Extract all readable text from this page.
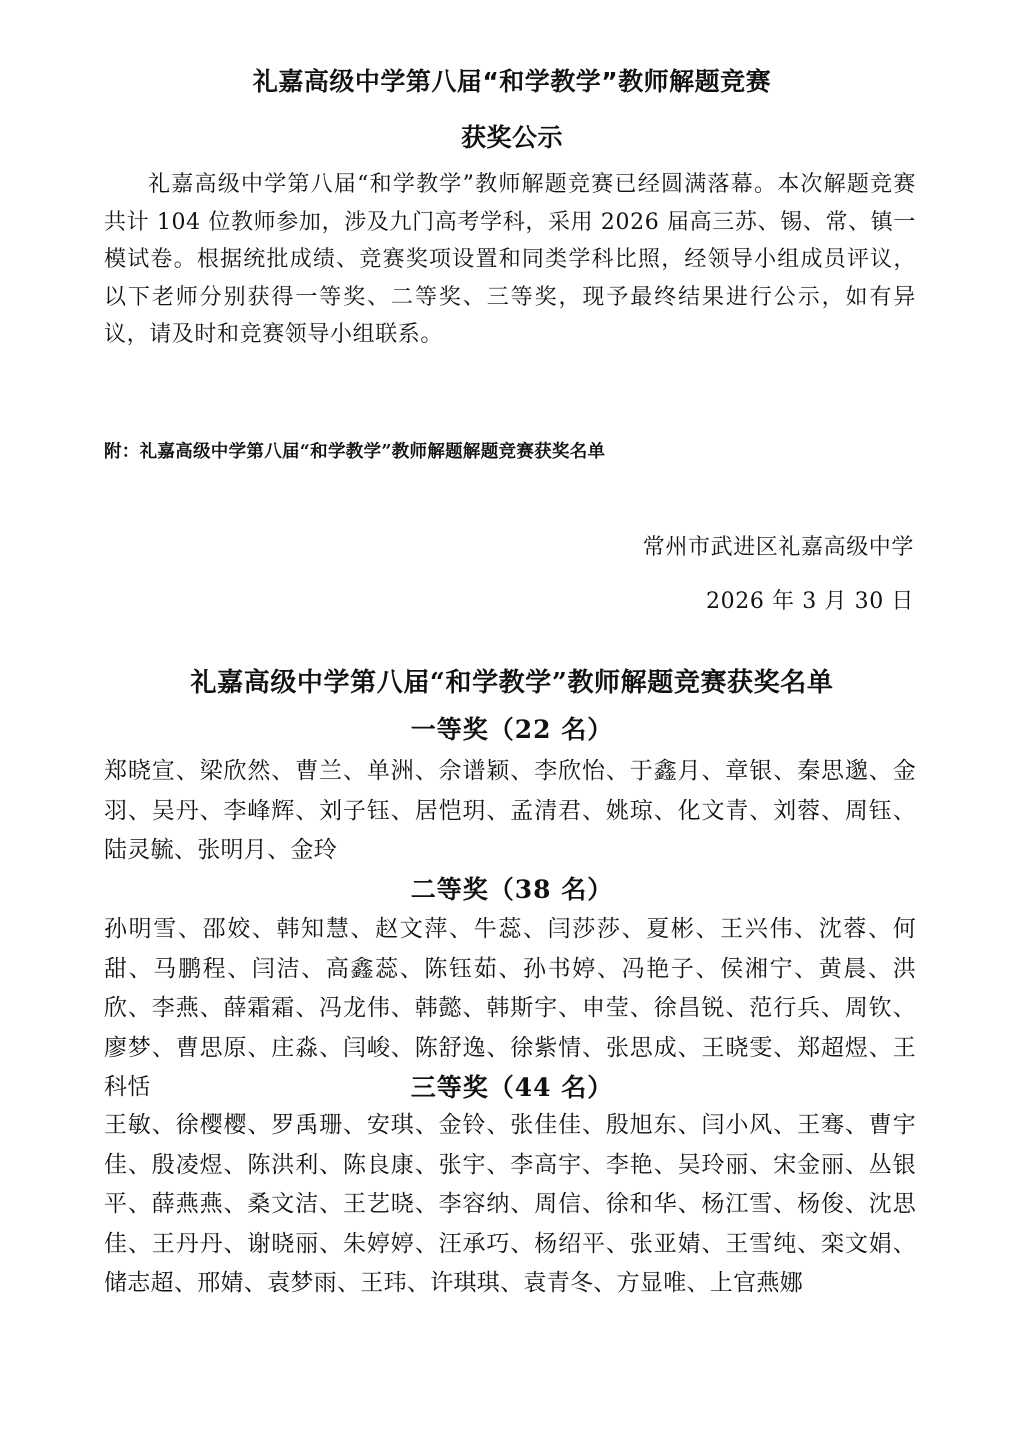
礼嘉高级中学第八届“和学教学”教师解题竞赛
获奖公示

礼嘉高级中学第八届“和学教学”教师解题竞赛已经圆满落幕。本次解题竞赛共计 104 位教师参加，涉及九门高考学科，采用 2026 届高三苏、锡、常、镇一模试卷。根据统批成绩、竞赛奖项设置和同类学科比照，经领导小组成员评议，以下老师分别获得一等奖、二等奖、三等奖，现予最终结果进行公示，如有异议，请及时和竞赛领导小组联系。

附：礼嘉高级中学第八届“和学教学”教师解题解题竞赛获奖名单

常州市武进区礼嘉高级中学

2026 年 3 月 30 日

礼嘉高级中学第八届“和学教学”教师解题竞赛获奖名单
一等奖（22 名）

郑晓宣、梁欣然、曹兰、单洲、佘谱颖、李欣怡、于鑫月、章银、秦思邈、金羽、吴丹、李峰辉、刘子钰、居恺玥、孟清君、姚琼、化文青、刘蓉、周钰、陆灵毓、张明月、金玲

二等奖（38 名）

孙明雪、邵姣、韩知慧、赵文萍、牛蕊、闫莎莎、夏彬、王兴伟、沈蓉、何甜、马鹏程、闫洁、高鑫蕊、陈钰茹、孙书婷、冯艳子、侯湘宁、黄晨、洪欣、李燕、薛霜霜、冯龙伟、韩懿、韩斯宇、申莹、徐昌锐、范行兵、周钦、廖梦、曹思原、庄淼、闫峻、陈舒逸、徐紫情、张思成、王晓雯、郑超煜、王科恬	三等奖（44 名）

王敏、徐樱樱、罗禹珊、安琪、金铃、张佳佳、殷旭东、闫小风、王骞、曹宇佳、殷凌煜、陈洪利、陈良康、张宇、李高宇、李艳、吴玲丽、宋金丽、丛银平、薛燕燕、桑文洁、王艺晓、李容纳、周信、徐和华、杨江雪、杨俊、沈思佳、王丹丹、谢晓丽、朱婷婷、汪承巧、杨绍平、张亚婧、王雪纯、栾文娟、储志超、邢婧、袁梦雨、王玮、许琪琪、袁青冬、方显唯、上官燕娜
